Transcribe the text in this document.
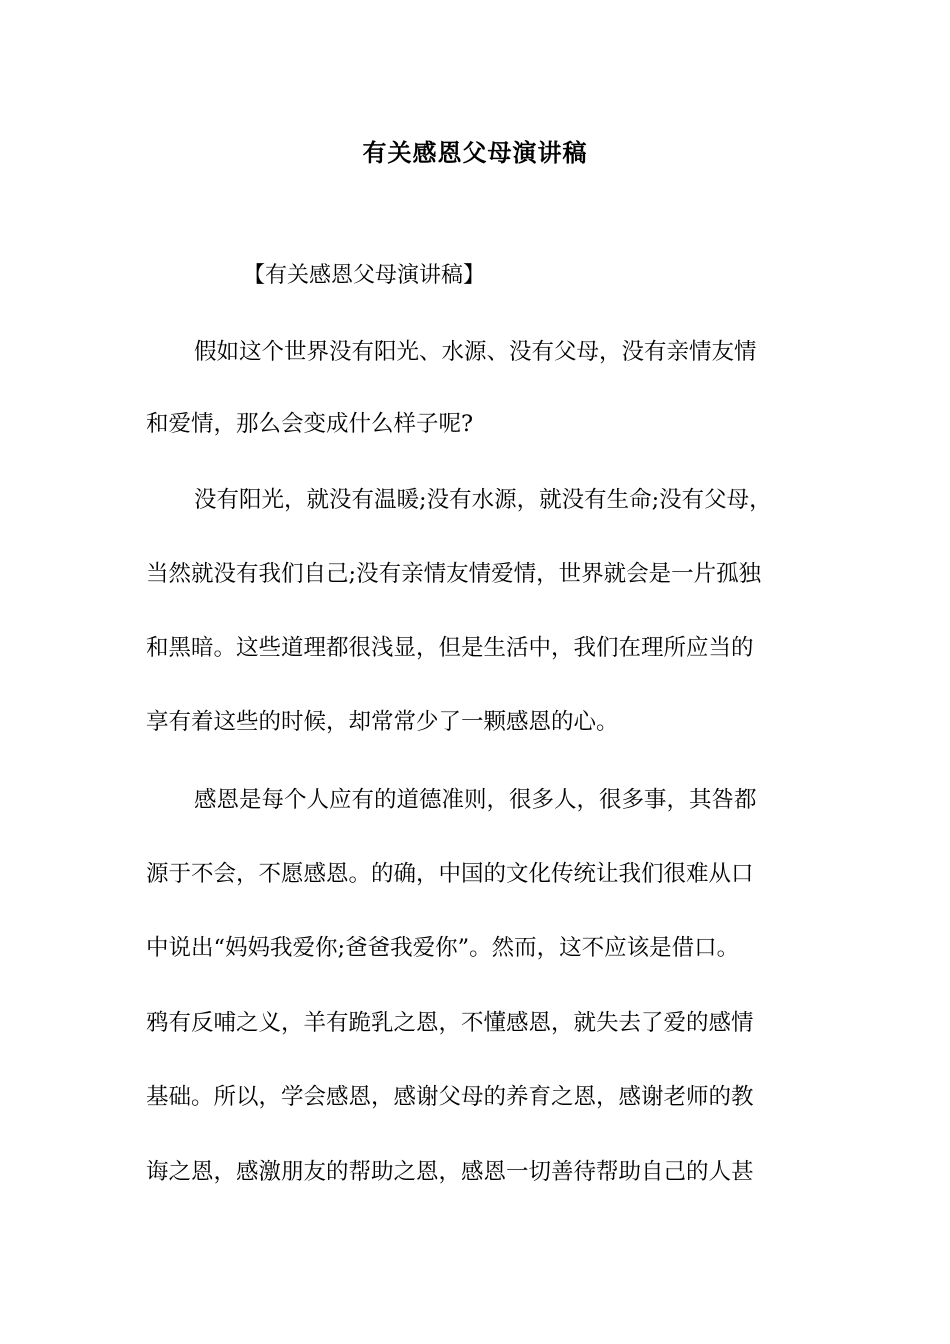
有关感恩父母演讲稿
【有关感恩父母演讲稿】
假如这个世界没有阳光、水源、没有父母，没有亲情友情
和爱情，那么会变成什么样子呢?
没有阳光，就没有温暖;没有水源，就没有生命;没有父母，
当然就没有我们自己;没有亲情友情爱情，世界就会是一片孤独
和黑暗。这些道理都很浅显，但是生活中，我们在理所应当的
享有着这些的时候，却常常少了一颗感恩的心。
感恩是每个人应有的道德准则，很多人，很多事，其咎都
源于不会，不愿感恩。的确，中国的文化传统让我们很难从口
中说出“妈妈我爱你;爸爸我爱你”。然而，这不应该是借口。
鸦有反哺之义，羊有跪乳之恩，不懂感恩，就失去了爱的感情
基础。所以，学会感恩，感谢父母的养育之恩，感谢老师的教
诲之恩，感激朋友的帮助之恩，感恩一切善待帮助自己的人甚
